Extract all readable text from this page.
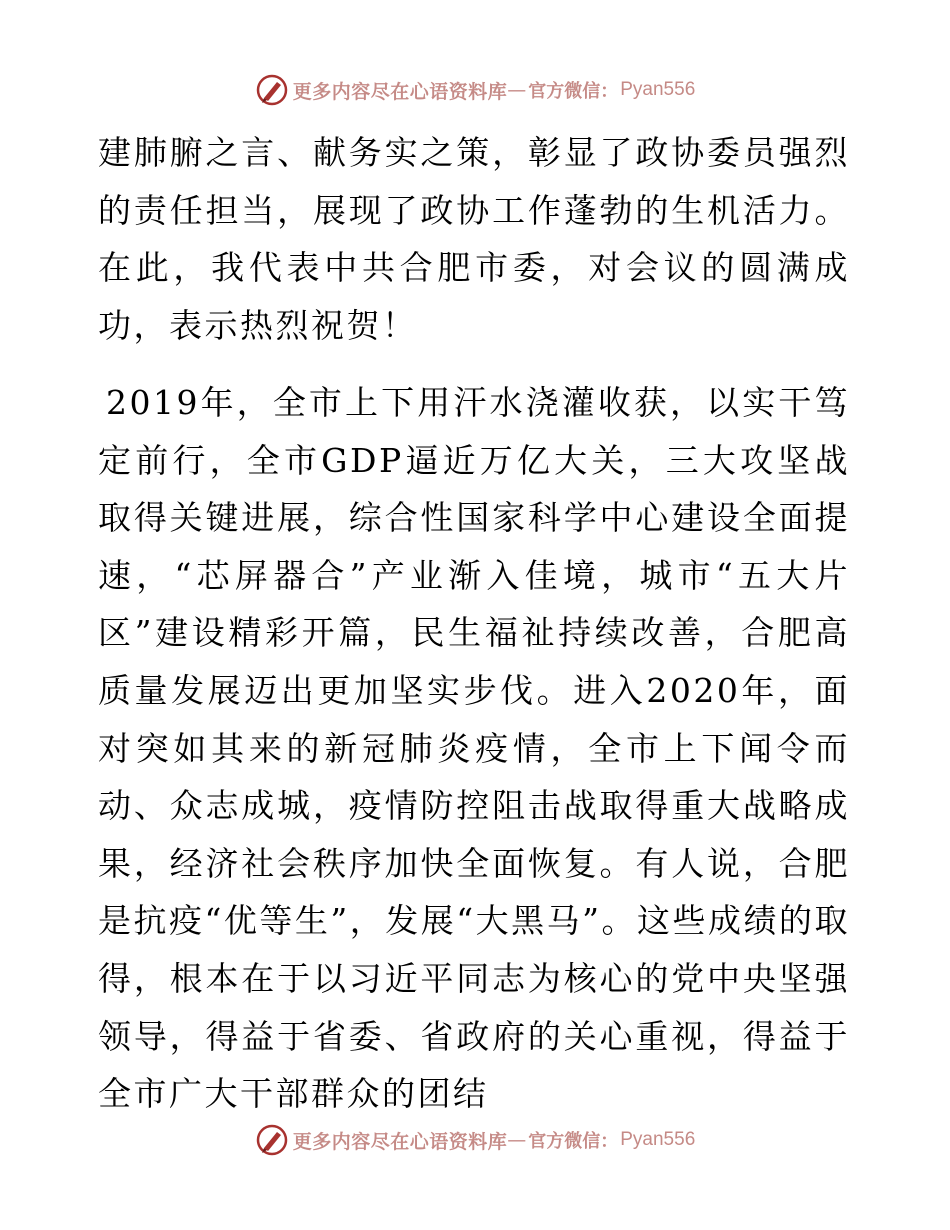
更多内容尽在心语资料库 — 官方微信： Pyan556

建肺腑之言、献务实之策，彰显了政协委员强烈的责任担当，展现了政协工作蓬勃的生机活力。在此，我代表中共合肥市委，对会议的圆满成功，表示热烈祝贺！

2019年，全市上下用汗水浇灌收获，以实干笃定前行，全市GDP逼近万亿大关，三大攻坚战取得关键进展，综合性国家科学中心建设全面提速，“芯屏器合”产业渐入佳境，城市“五大片区”建设精彩开篇，民生福祉持续改善，合肥高质量发展迈出更加坚实步伐。进入2020年，面对突如其来的新冠肺炎疫情，全市上下闻令而动、众志成城，疫情防控阻击战取得重大战略成果，经济社会秩序加快全面恢复。有人说，合肥是抗疫“优等生”，发展“大黑马”。这些成绩的取得，根本在于以习近平同志为核心的党中央坚强领导，得益于省委、省政府的关心重视，得益于全市广大干部群众的团结

更多内容尽在心语资料库 — 官方微信： Pyan556
